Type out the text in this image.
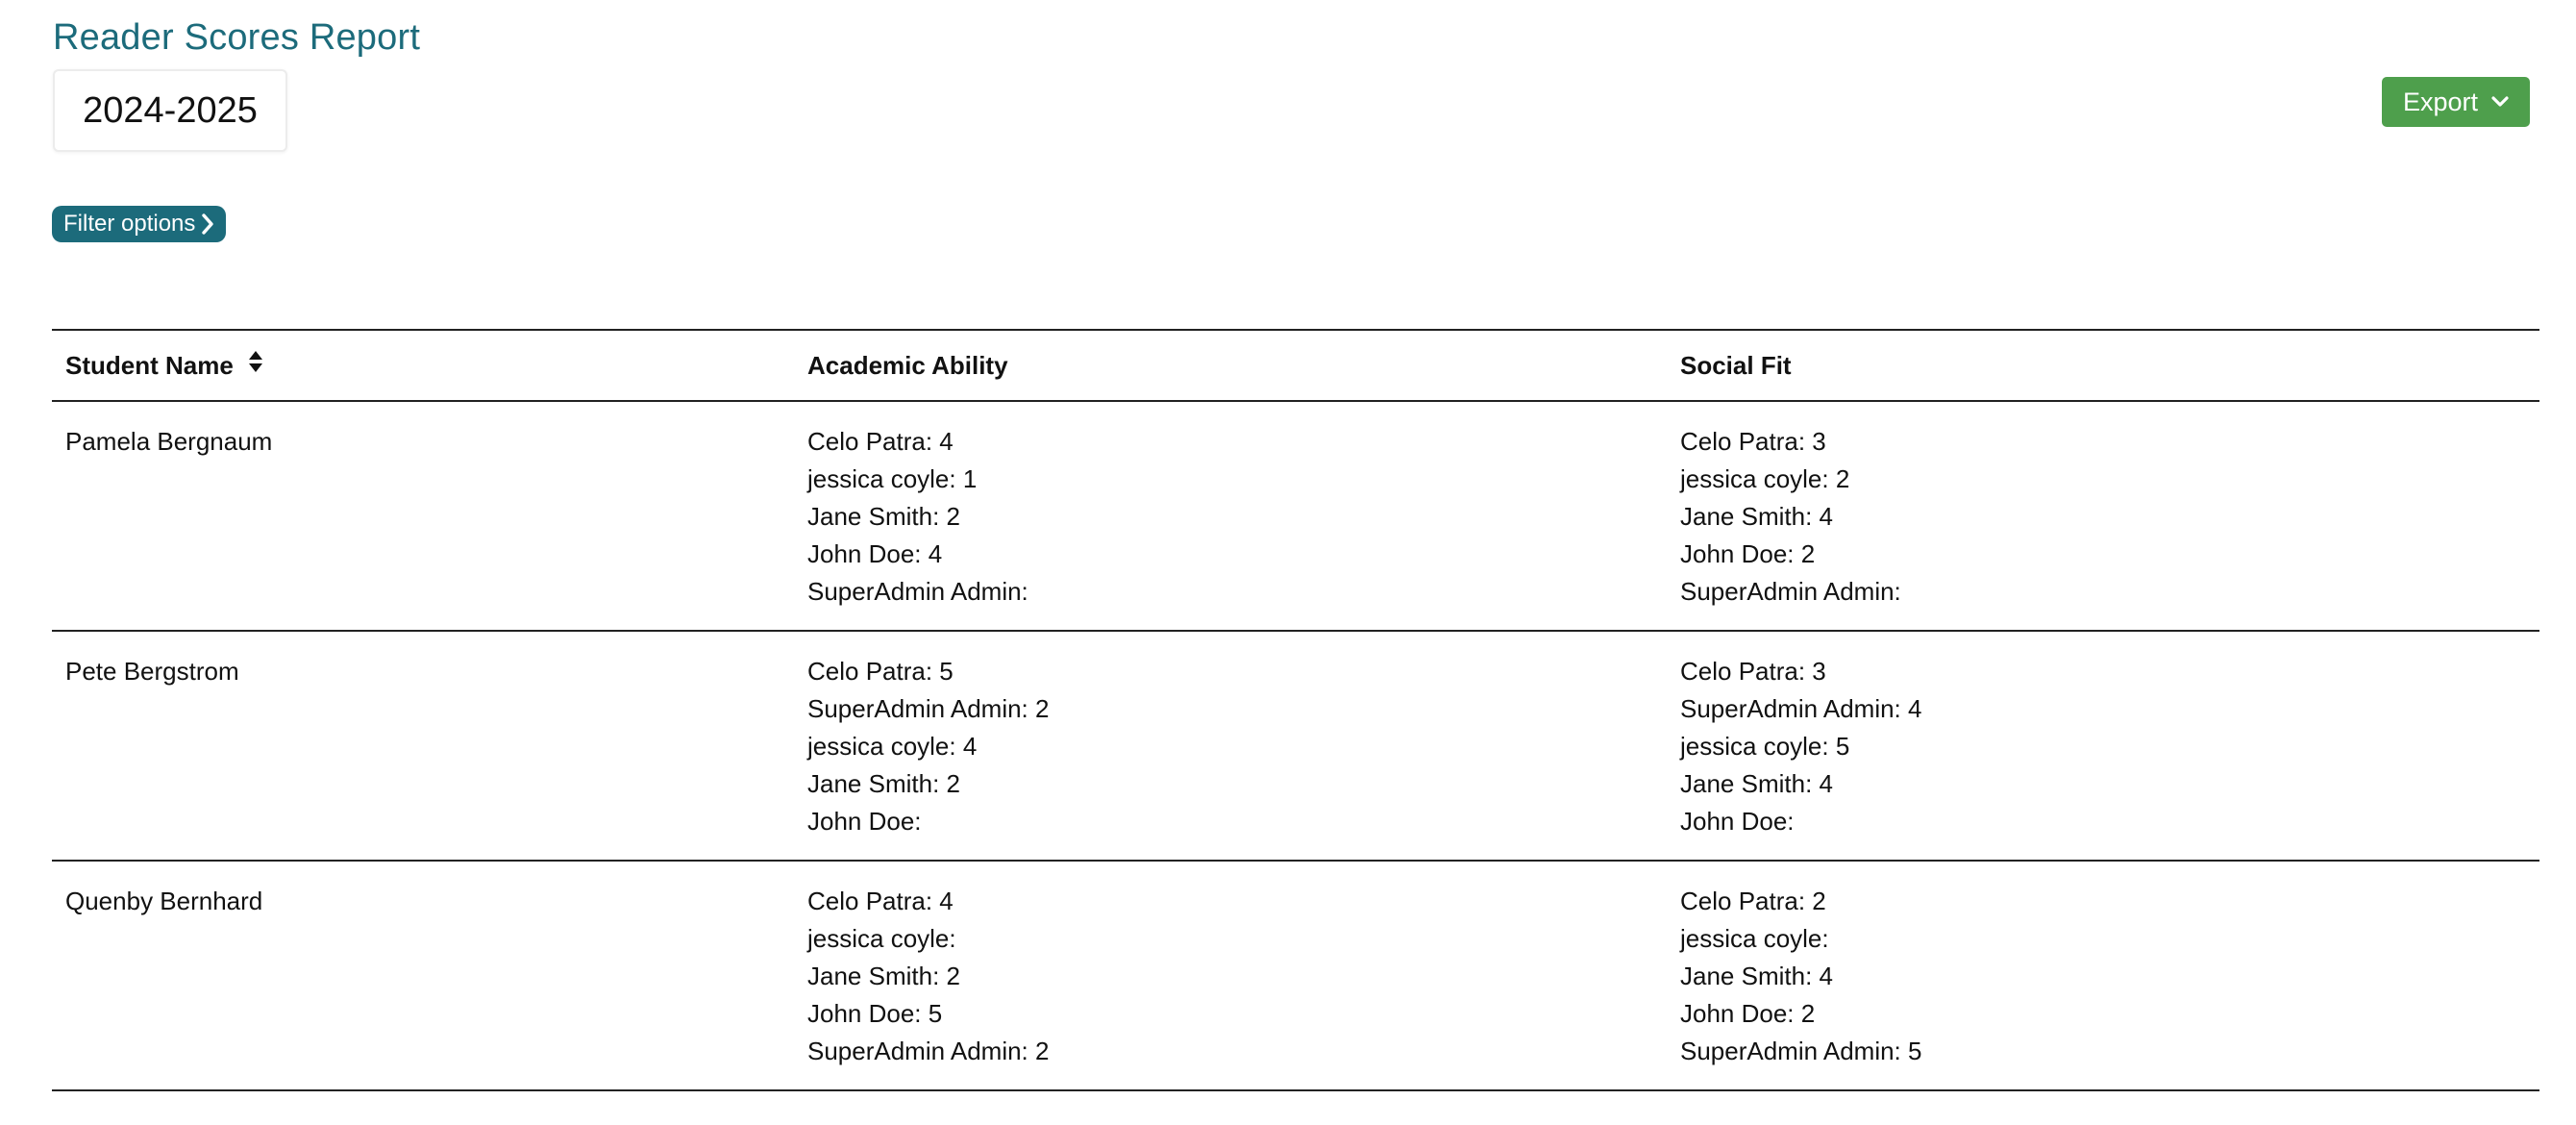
Reader Scores Report
2024-2025	Export
Filter options
Student Name	Academic Ability	Social Fit
Pamela Bergnaum	Celo Patra: 4
jessica coyle: 1
Jane Smith: 2
John Doe: 4
SuperAdmin Admin:	Celo Patra: 3
jessica coyle: 2
Jane Smith: 4
John Doe: 2
SuperAdmin Admin:

Pete Bergstrom	Celo Patra: 5
SuperAdmin Admin: 2
jessica coyle: 4
Jane Smith: 2
John Doe:	Celo Patra: 3
SuperAdmin Admin: 4
jessica coyle: 5
Jane Smith: 4
John Doe:

Quenby Bernhard	Celo Patra: 4
jessica coyle:
Jane Smith: 2
John Doe: 5
SuperAdmin Admin: 2	Celo Patra: 2
jessica coyle:
Jane Smith: 4
John Doe: 2
SuperAdmin Admin: 5
